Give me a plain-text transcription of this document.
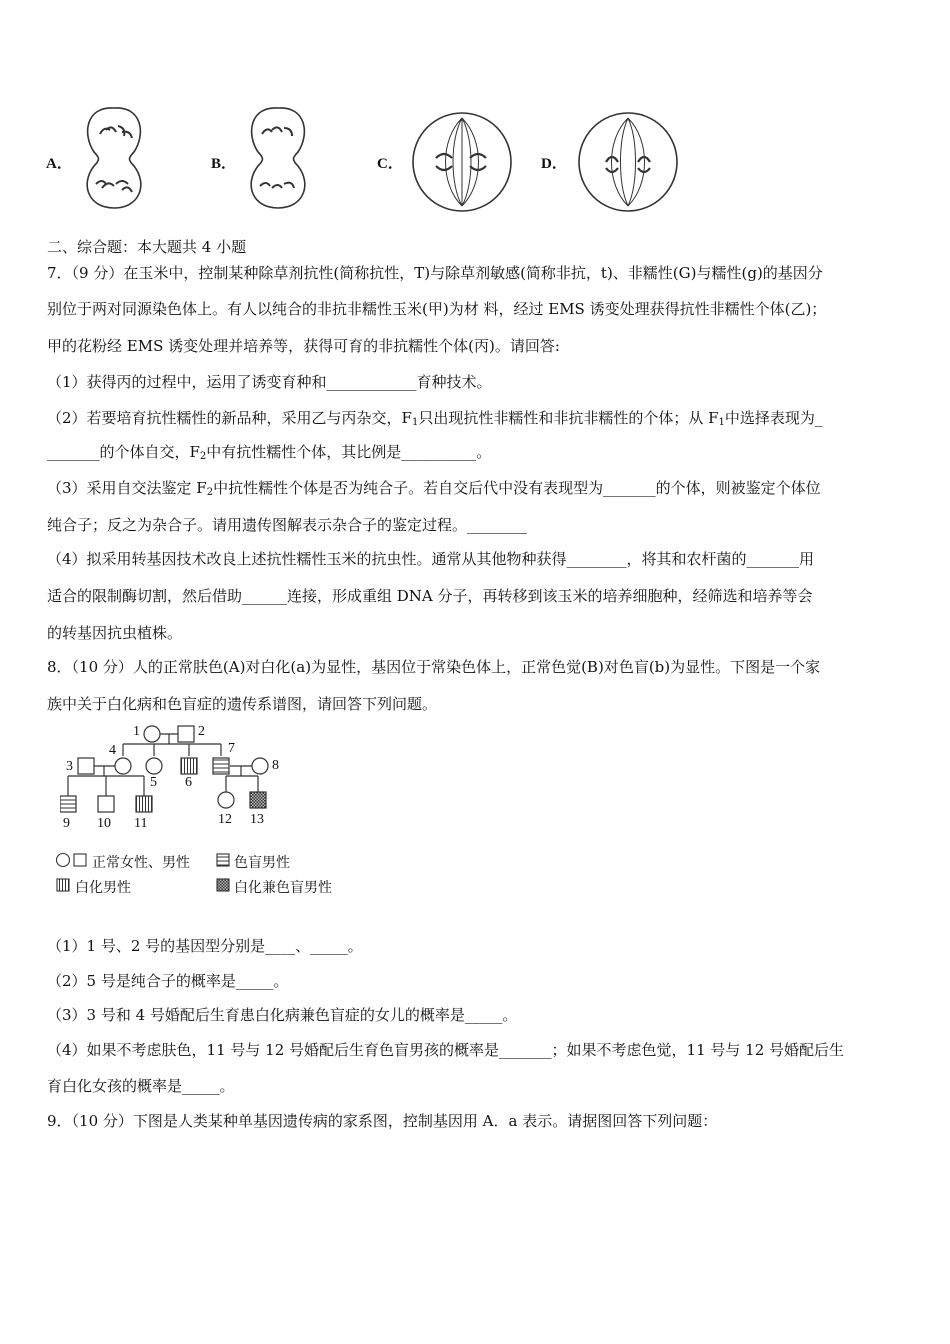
A．	B．	C．	D．
二、综合题：本大题共 4 小题
7．（9 分）在玉米中，控制某种除草剂抗性(简称抗性，T)与除草剂敏感(简称非抗，t)、非糯性(G)与糯性(g)的基因分
别位于两对同源染色体上。有人以纯合的非抗非糯性玉米(甲)为材 料，经过 EMS 诱变处理获得抗性非糯性个体(乙)；
甲的花粉经 EMS 诱变处理并培养等，获得可育的非抗糯性个体(丙)。请回答:
（1）获得丙的过程中，运用了诱变育种和____________育种技术。
（2）若要培育抗性糯性的新品种，采用乙与丙杂交，$F_1$只出现抗性非糯性和非抗非糯性的个体；从 $F_1$中选择表现为_
_______的个体自交，$F_2$中有抗性糯性个体，其比例是__________。
（3）采用自交法鉴定 $F_2$中抗性糯性个体是否为纯合子。若自交后代中没有表现型为_______的个体，则被鉴定个体位
纯合子；反之为杂合子。请用遗传图解表示杂合子的鉴定过程。________
（4）拟采用转基因技术改良上述抗性糯性玉米的抗虫性。通常从其他物种获得________，将其和农杆菌的_______用
适合的限制酶切割，然后借助______连接，形成重组 DNA 分子，再转移到该玉米的培养细胞种，经筛选和培养等会
的转基因抗虫植株。
8．（10 分）人的正常肤色(A)对白化(a)为显性，基因位于常染色体上，正常色觉(B)对色盲(b)为显性。下图是一个家
族中关于白化病和色盲症的遗传系谱图，请回答下列问题。
1	2
3
4
5 6
7
8
9 10 11	12 13
正常女性、男性	色盲男性
白化男性	白化兼色盲男性
（1）1 号、2 号的基因型分别是____、_____。
（2）5 号是纯合子的概率是_____。
（3）3 号和 4 号婚配后生育患白化病兼色盲症的女儿的概率是_____。
（4）如果不考虑肤色，11 号与 12 号婚配后生育色盲男孩的概率是_______；如果不考虑色觉，11 号与 12 号婚配后生
育白化女孩的概率是_____。
9．（10 分）下图是人类某种单基因遗传病的家系图，控制基因用 A．a 表示。请据图回答下列问题：
